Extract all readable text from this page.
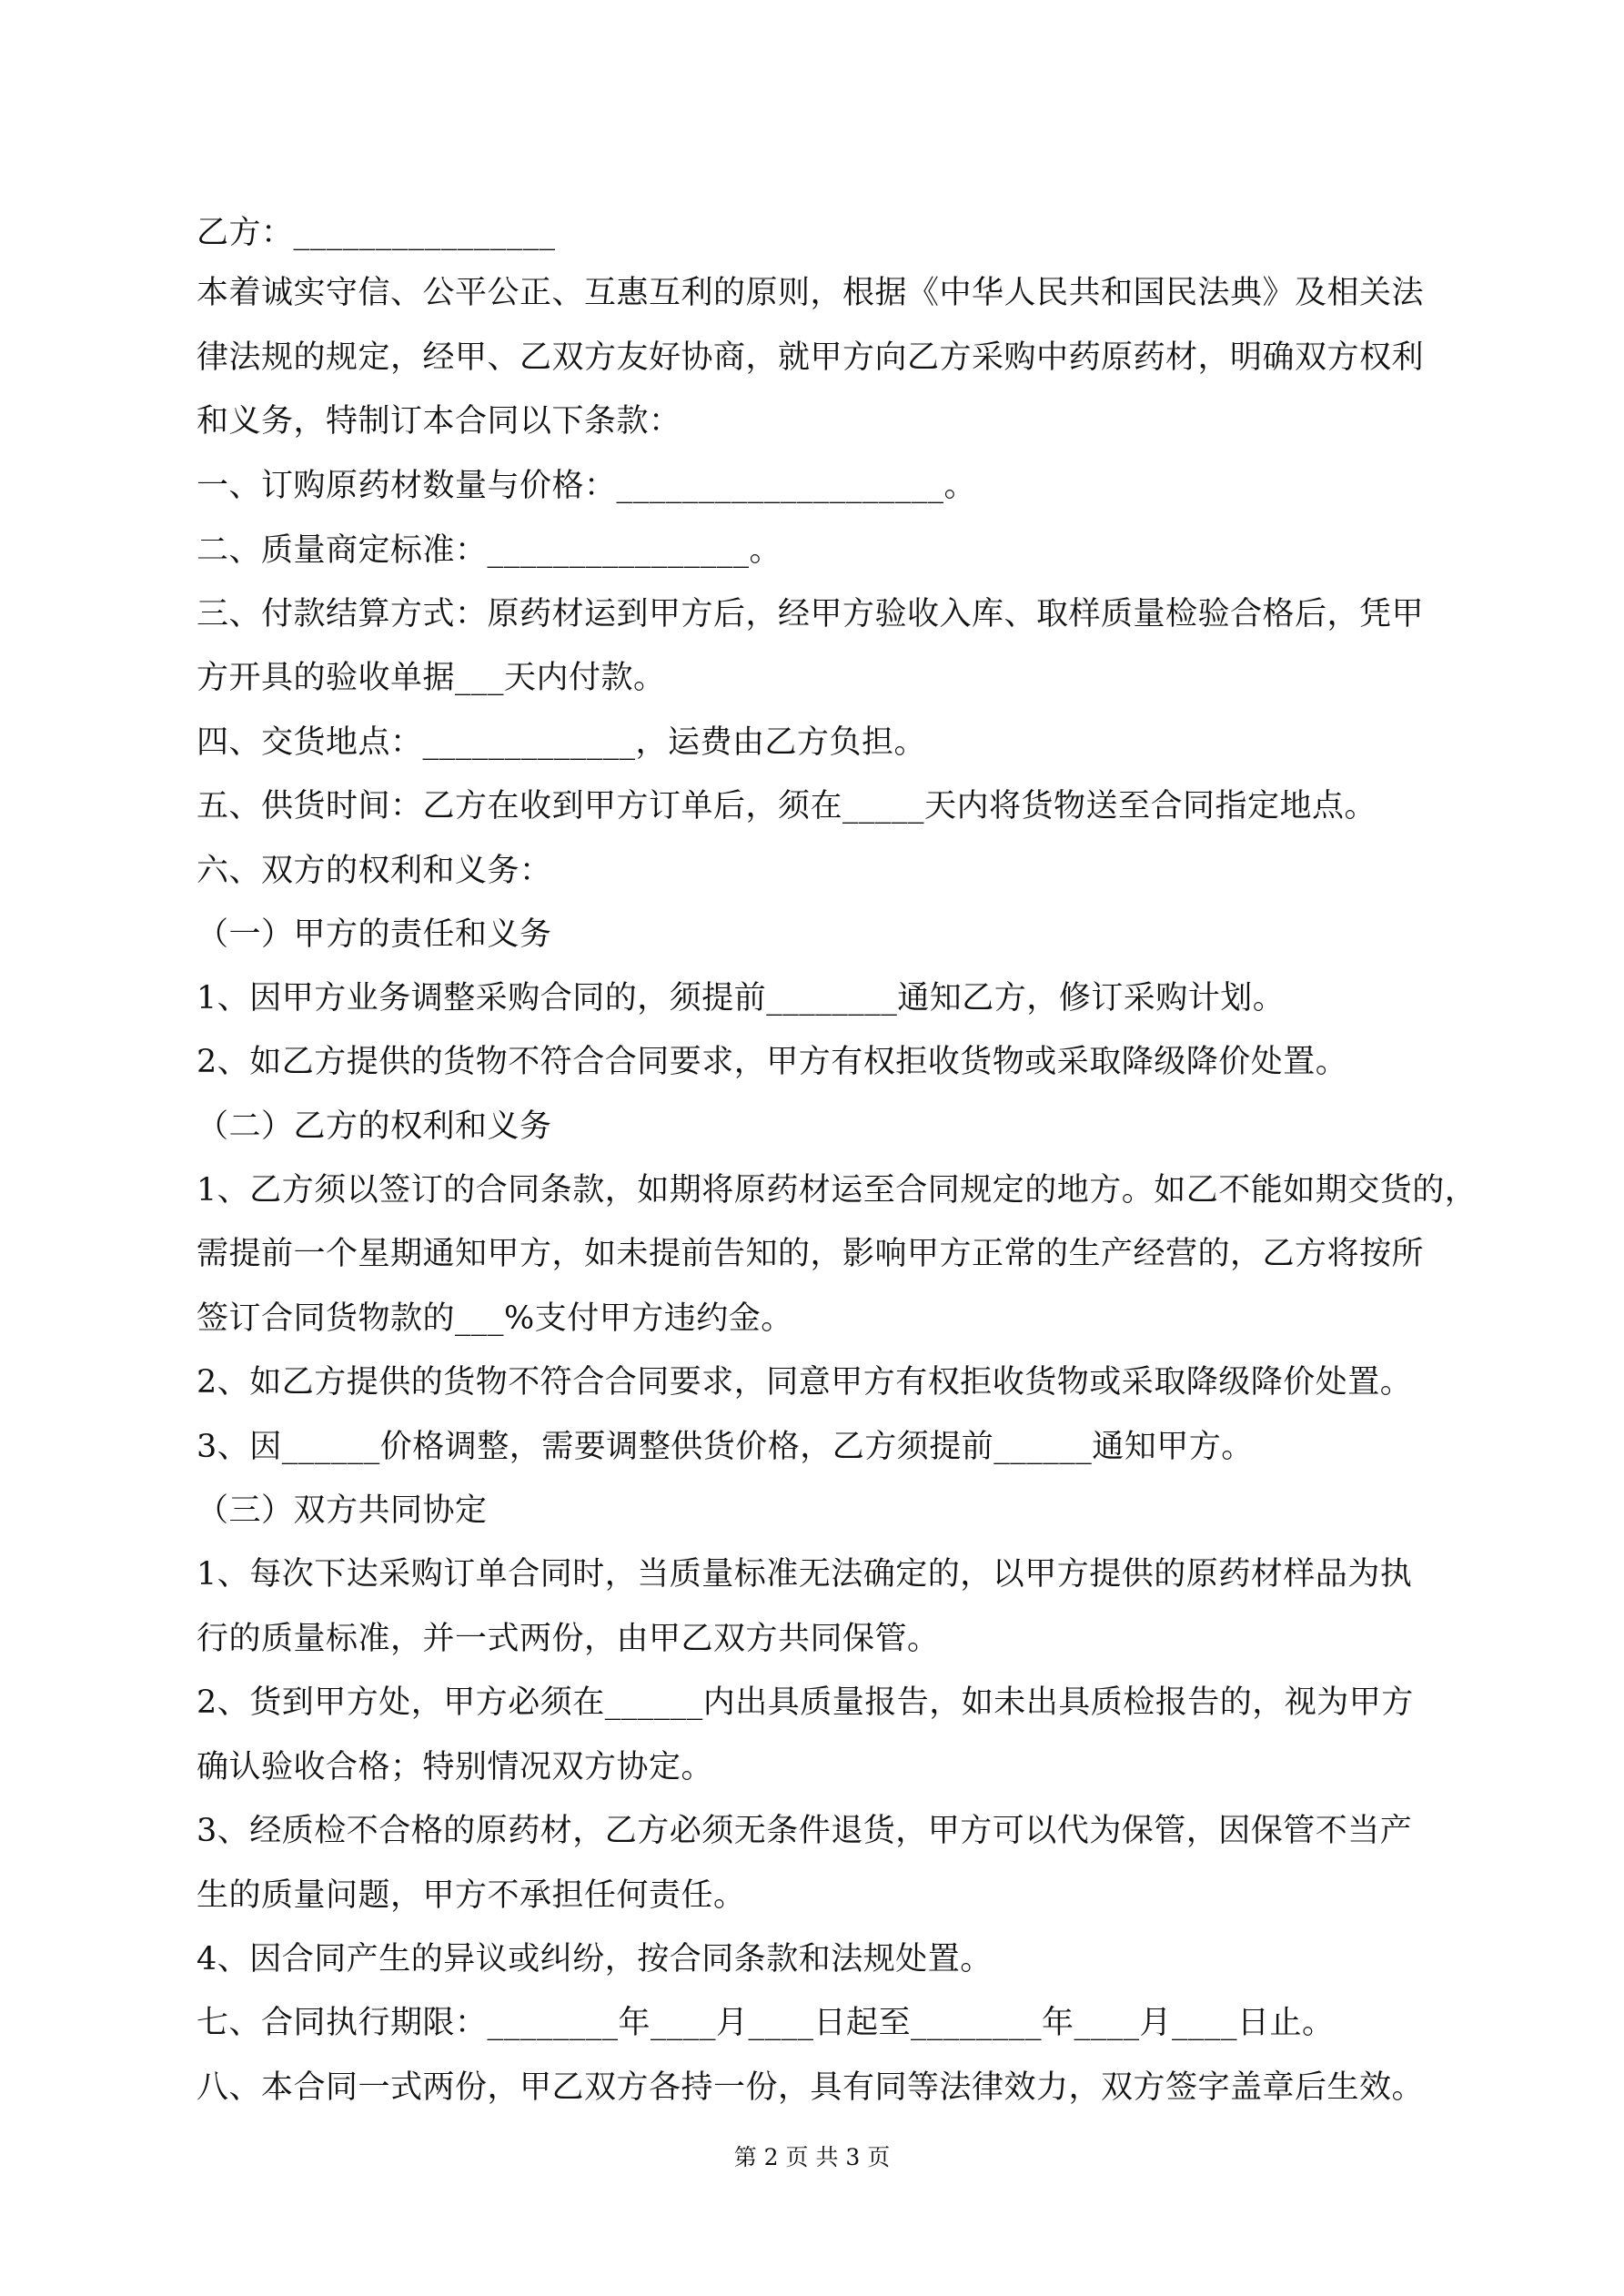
乙方：________________
本着诚实守信、公平公正、互惠互利的原则，根据《中华人民共和国民法典》及相关法
律法规的规定，经甲、乙双方友好协商，就甲方向乙方采购中药原药材，明确双方权利
和义务，特制订本合同以下条款：
一、订购原药材数量与价格：____________________。
二、质量商定标准：________________。
三、付款结算方式：原药材运到甲方后，经甲方验收入库、取样质量检验合格后，凭甲
方开具的验收单据___天内付款。
四、交货地点：_____________，运费由乙方负担。
五、供货时间：乙方在收到甲方订单后，须在_____天内将货物送至合同指定地点。
六、双方的权利和义务：
（一）甲方的责任和义务
1、因甲方业务调整采购合同的，须提前________通知乙方，修订采购计划。
2、如乙方提供的货物不符合合同要求，甲方有权拒收货物或采取降级降价处置。
（二）乙方的权利和义务
1、乙方须以签订的合同条款，如期将原药材运至合同规定的地方。如乙不能如期交货的，
需提前一个星期通知甲方，如未提前告知的，影响甲方正常的生产经营的，乙方将按所
签订合同货物款的___%支付甲方违约金。
2、如乙方提供的货物不符合合同要求，同意甲方有权拒收货物或采取降级降价处置。
3、因______价格调整，需要调整供货价格，乙方须提前______通知甲方。
（三）双方共同协定
1、每次下达采购订单合同时，当质量标准无法确定的，以甲方提供的原药材样品为执
行的质量标准，并一式两份，由甲乙双方共同保管。
2、货到甲方处，甲方必须在______内出具质量报告，如未出具质检报告的，视为甲方
确认验收合格；特别情况双方协定。
3、经质检不合格的原药材，乙方必须无条件退货，甲方可以代为保管，因保管不当产
生的质量问题，甲方不承担任何责任。
4、因合同产生的异议或纠纷，按合同条款和法规处置。
七、合同执行期限：________年____月____日起至________年____月____日止。
八、本合同一式两份，甲乙双方各持一份，具有同等法律效力，双方签字盖章后生效。
第 2 页 共 3 页
